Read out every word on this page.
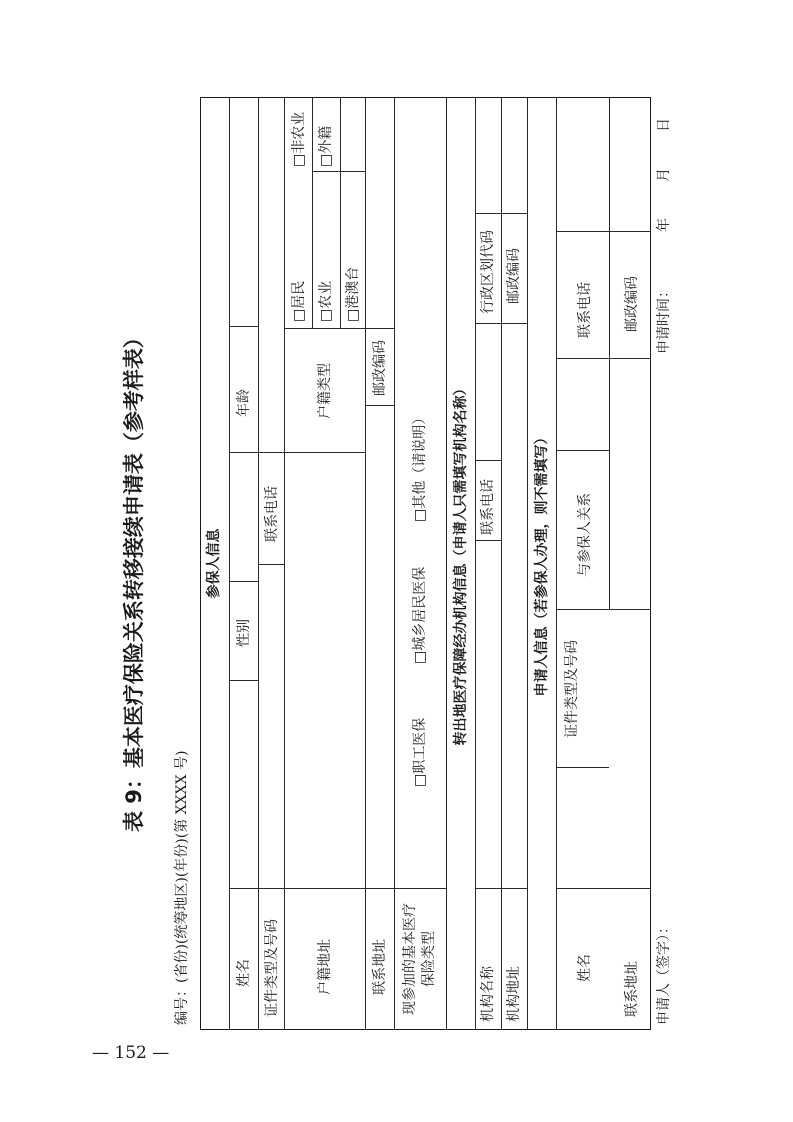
— 152 —
表 9：基本医疗保险关系转移接续申请表（参考样表）
编号：(省份)(统筹地区)(年份)(第 XXXX 号)
参保人信息
姓名
性别
年龄
证件类型及号码
联系电话
户籍地址
户籍类型
□居民
□非农业
□农业
□外籍
□港澳台
联系地址
邮政编码
现参加的基本医疗保险类型
□职工医保
□城乡居民医保
□其他（请说明） 转出地医疗保障经办机构信息（申请人只需填写机构名称）
机构名称
联系电话
行政区划代码
机构地址
邮政编码
申请人信息（若参保人办理，则不需填写）
姓名
证件类型及号码
与参保人关系
联系电话
联系地址
邮政编码
申请人（签字）：
申请时间：
年
月
日
